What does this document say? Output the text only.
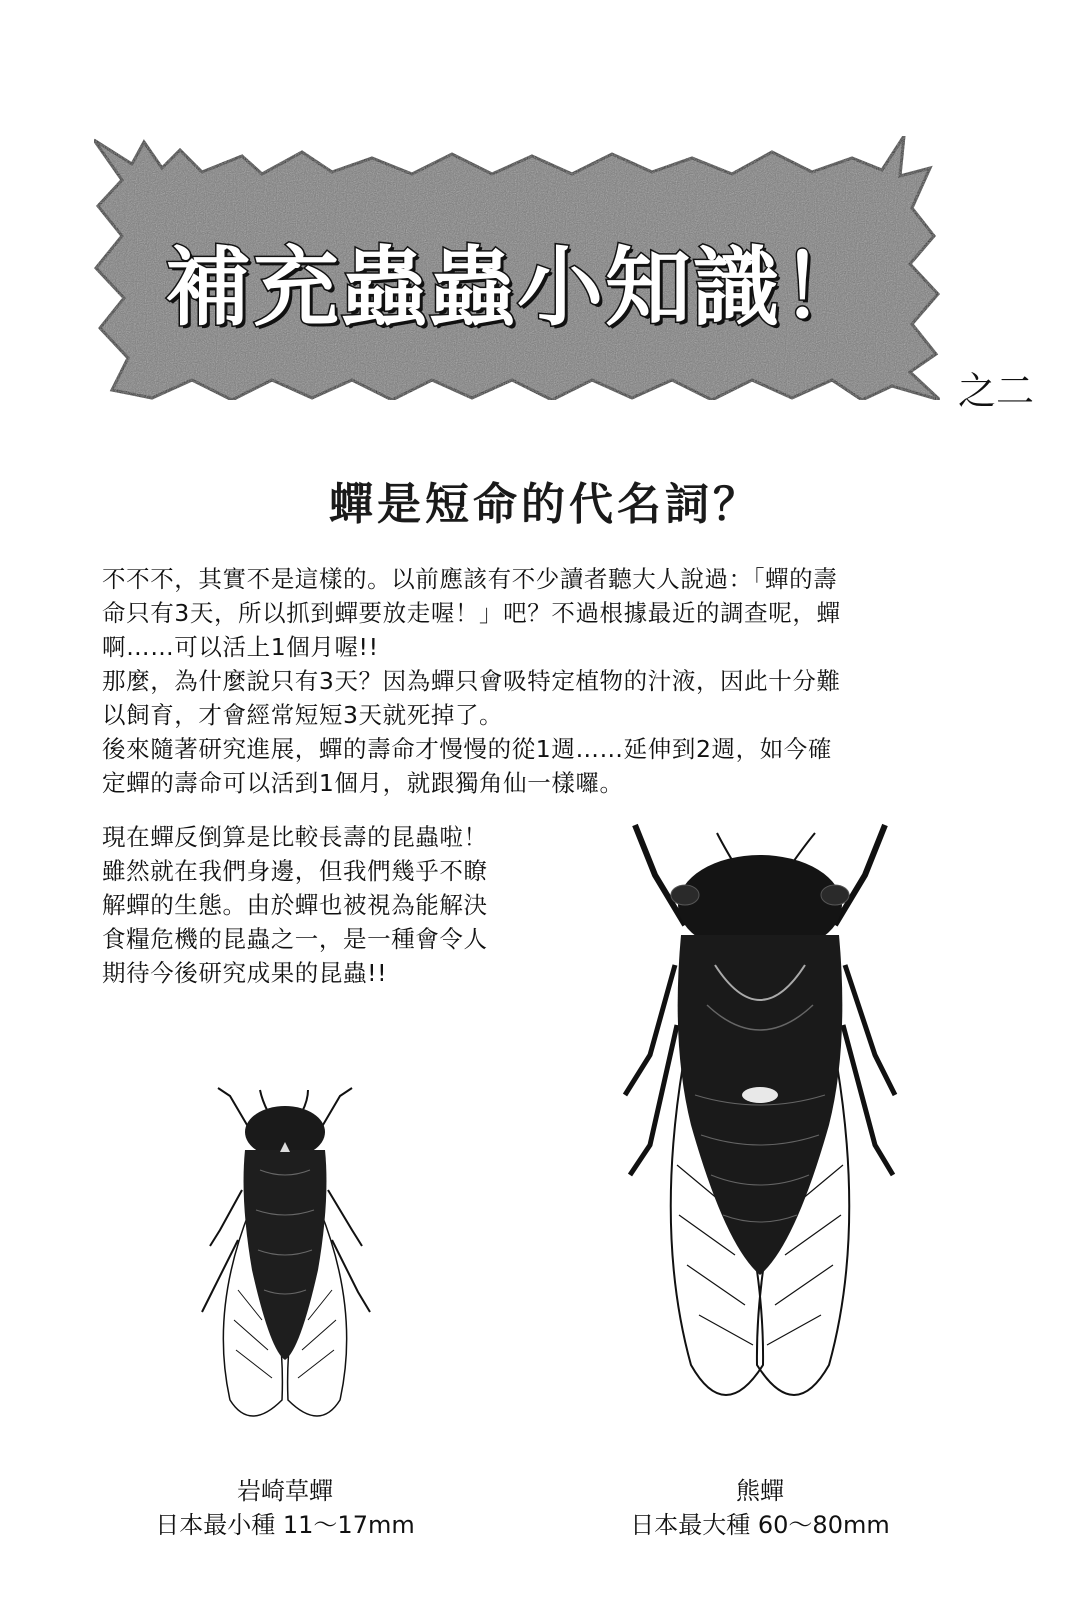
補充蟲蟲小知識！
之二
蟬是短命的代名詞？

不不不，其實不是這樣的。以前應該有不少讀者聽大人說過：「蟬的壽

命只有3天，所以抓到蟬要放走喔！」吧？不過根據最近的調查呢，蟬

啊……可以活上1個月喔!!

那麼，為什麼說只有3天？因為蟬只會吸特定植物的汁液，因此十分難

以飼育，才會經常短短3天就死掉了。

後來隨著研究進展，蟬的壽命才慢慢的從1週……延伸到2週，如今確

定蟬的壽命可以活到1個月，就跟獨角仙一樣囉。

現在蟬反倒算是比較長壽的昆蟲啦！

雖然就在我們身邊，但我們幾乎不瞭

解蟬的生態。由於蟬也被視為能解決

食糧危機的昆蟲之一，是一種會令人

期待今後研究成果的昆蟲!!

岩崎草蟬
日本最小種 11～17mm
熊蟬
日本最大種 60～80mm
